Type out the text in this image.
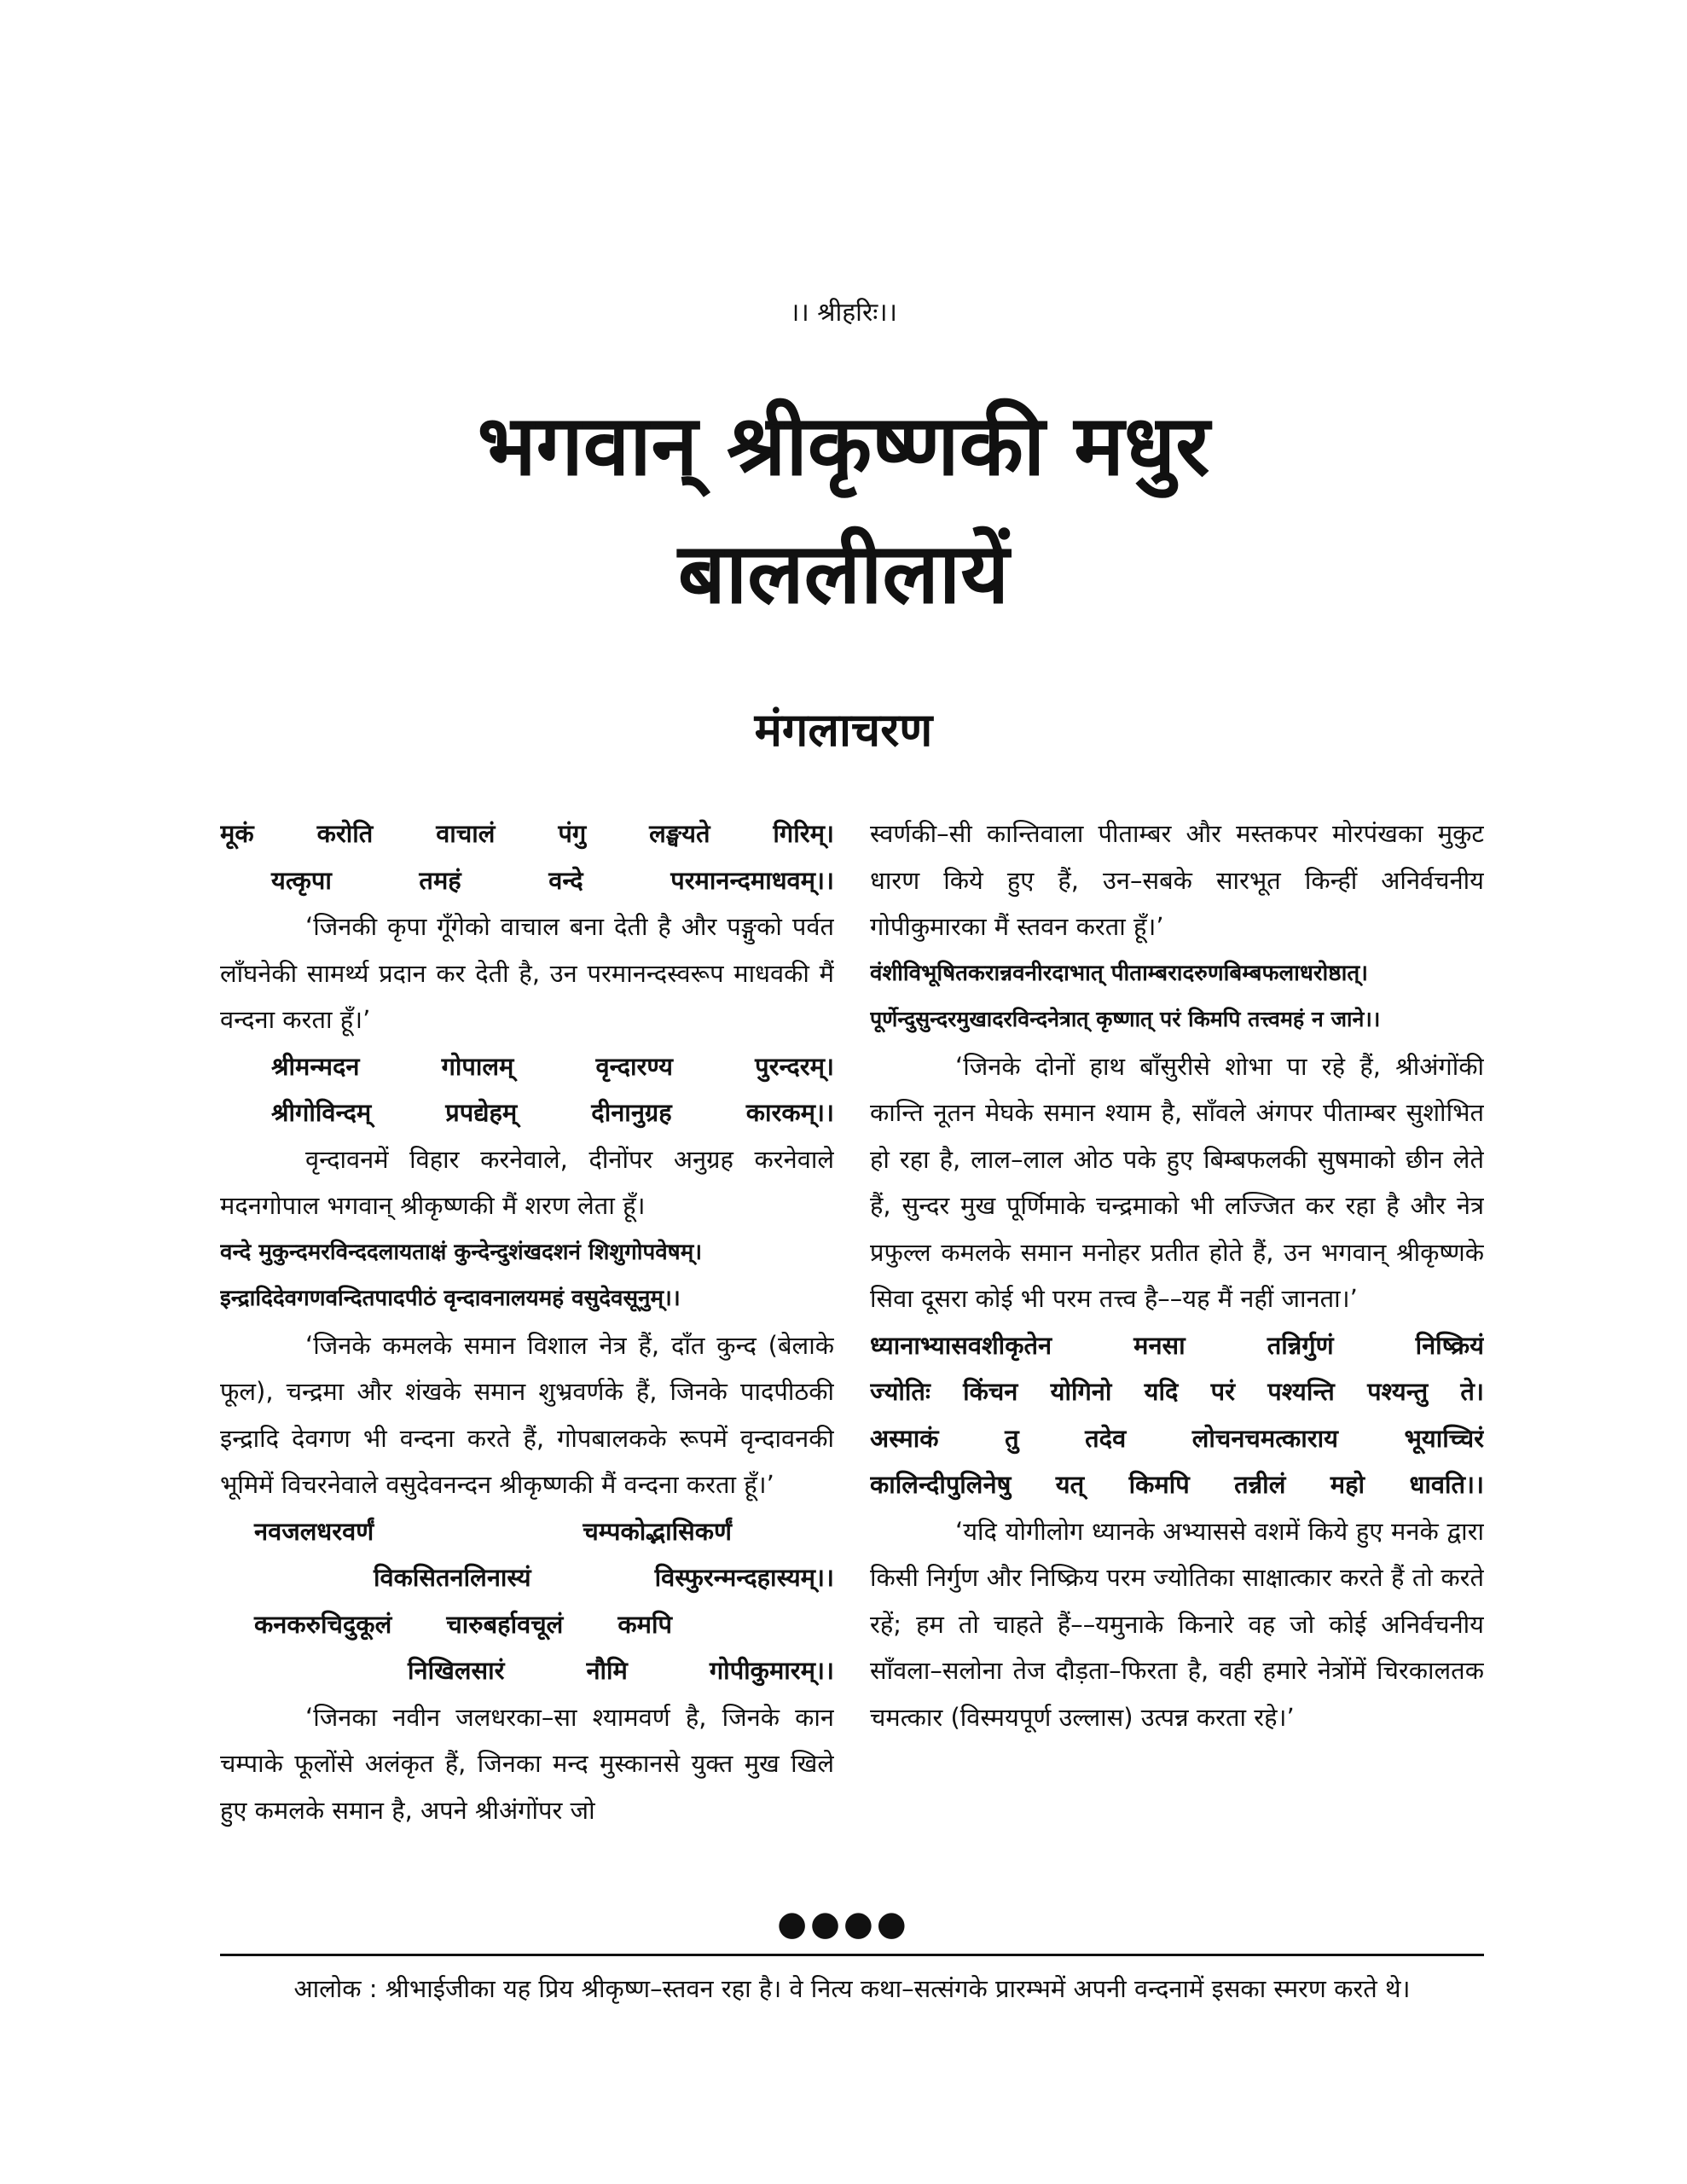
।। श्रीहरिः।।
भगवान् श्रीकृष्णकी मधुर
बाललीलायें
मंगलाचरण
मूकं	करोति	वाचालं	पंगु	लङ्घयते	गिरिम्।
यत्कृपा	तमहं	वन्दे	परमानन्दमाधवम्।।
‘जिनकी कृपा गूँगेको वाचाल बना देती है और पङ्गुको पर्वत लाँघनेकी सामर्थ्य प्रदान कर देती है, उन परमानन्दस्वरूप माधवकी मैं वन्दना करता हूँ।’
श्रीमन्मदन	गोपालम्	वृन्दारण्य	पुरन्दरम्।
श्रीगोविन्दम्	प्रपद्येहम्	दीनानुग्रह	कारकम्।।
वृन्दावनमें विहार करनेवाले, दीनोंपर अनुग्रह करनेवाले मदनगोपाल भगवान् श्रीकृष्णकी मैं शरण लेता हूँ।
वन्दे मुकुन्दमरविन्ददलायताक्षं कुन्देन्दुशंखदशनं शिशुगोपवेषम्।
इन्द्रादिदेवगणवन्दितपादपीठं वृन्दावनालयमहं वसुदेवसूनुम्।।
‘जिनके कमलके समान विशाल नेत्र हैं, दाँत कुन्द (बेलाके फूल), चन्द्रमा और शंखके समान शुभ्रवर्णके हैं, जिनके पादपीठकी इन्द्रादि देवगण भी वन्दना करते हैं, गोपबालकके रूपमें वृन्दावनकी भूमिमें विचरनेवाले वसुदेवनन्दन श्रीकृष्णकी मैं वन्दना करता हूँ।’
नवजलधरवर्णं	चम्पकोद्भासिकर्णं
विकसितनलिनास्यं	विस्फुरन्मन्दहास्यम्।।
कनकरुचिदुकूलं चारुबर्हावचूलं कमपि
निखिलसारं	नौमि	गोपीकुमारम्।।
‘जिनका नवीन जलधरका–सा श्यामवर्ण है, जिनके कान चम्पाके फूलोंसे अलंकृत हैं, जिनका मन्द मुस्कानसे युक्त मुख खिले हुए कमलके समान है, अपने श्रीअंगोंपर जो
स्वर्णकी–सी कान्तिवाला पीताम्बर और मस्तकपर मोरपंखका मुकुट धारण किये हुए हैं, उन–सबके सारभूत किन्हीं अनिर्वचनीय गोपीकुमारका मैं स्तवन करता हूँ।’
वंशीविभूषितकरान्नवनीरदाभात् पीताम्बरादरुणबिम्बफलाधरोष्ठात्।
पूर्णेन्दुसुन्दरमुखादरविन्दनेत्रात् कृष्णात् परं किमपि तत्त्वमहं न जाने।।
‘जिनके दोनों हाथ बाँसुरीसे शोभा पा रहे हैं, श्रीअंगोंकी कान्ति नूतन मेघके समान श्याम है, साँवले अंगपर पीताम्बर सुशोभित हो रहा है, लाल–लाल ओठ पके हुए बिम्बफलकी सुषमाको छीन लेते हैं, सुन्दर मुख पूर्णिमाके चन्द्रमाको भी लज्जित कर रहा है और नेत्र प्रफुल्ल कमलके समान मनोहर प्रतीत होते हैं, उन भगवान् श्रीकृष्णके सिवा दूसरा कोई भी परम तत्त्व है––यह मैं नहीं जानता।’
ध्यानाभ्यासवशीकृतेन	मनसा	तन्निर्गुणं	निष्क्रियं
ज्योतिः किंचन योगिनो यदि परं पश्यन्ति पश्यन्तु ते।
अस्माकं	तु	तदेव	लोचनचमत्काराय	भूयाच्चिरं
कालिन्दीपुलिनेषु यत् किमपि तन्नीलं महो धावति।।
‘यदि योगीलोग ध्यानके अभ्याससे वशमें किये हुए मनके द्वारा किसी निर्गुण और निष्क्रिय परम ज्योतिका साक्षात्कार करते हैं तो करते रहें; हम तो चाहते हैं––यमुनाके किनारे वह जो कोई अनिर्वचनीय साँवला–सलोना तेज दौड़ता–फिरता है, वही हमारे नेत्रोंमें चिरकालतक चमत्कार (विस्मयपूर्ण उल्लास) उत्पन्न करता रहे।’
●●●●
आलोक : श्रीभाईजीका यह प्रिय श्रीकृष्ण–स्तवन रहा है। वे नित्य कथा–सत्संगके प्रारम्भमें अपनी वन्दनामें इसका स्मरण करते थे।
